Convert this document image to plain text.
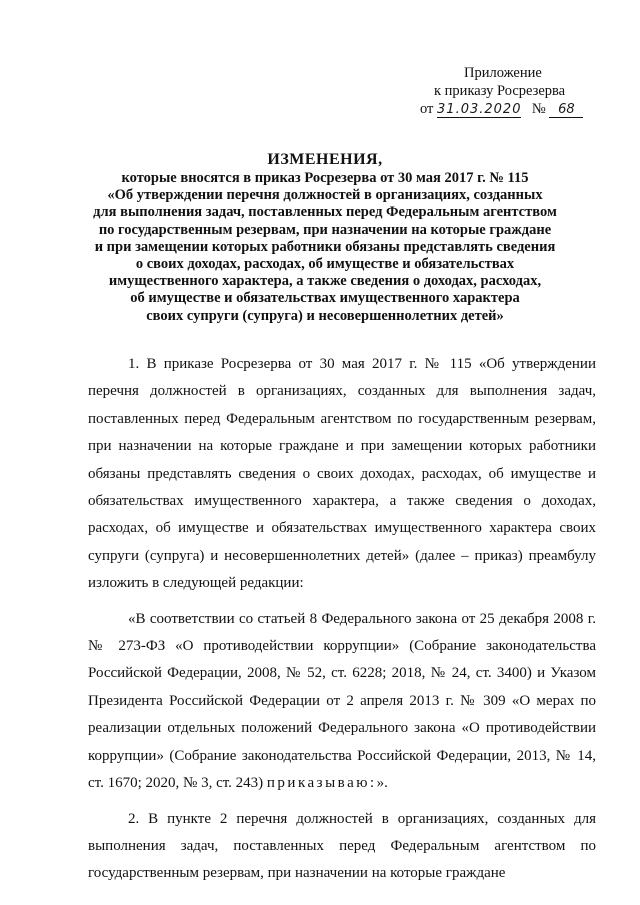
Приложение
к приказу Росрезерва
от 31.03.2020 № 68
ИЗМЕНЕНИЯ,
которые вносятся в приказ Росрезерва от 30 мая 2017 г. № 115
«Об утверждении перечня должностей в организациях, созданных
для выполнения задач, поставленных перед Федеральным агентством
по государственным резервам, при назначении на которые граждане
и при замещении которых работники обязаны представлять сведения
о своих доходах, расходах, об имуществе и обязательствах
имущественного характера, а также сведения о доходах, расходах,
об имуществе и обязательствах имущественного характера
своих супруги (супруга) и несовершеннолетних детей»

1. В приказе Росрезерва от 30 мая 2017 г. № 115 «Об утверждении перечня должностей в организациях, созданных для выполнения задач, поставленных перед Федеральным агентством по государственным резервам, при назначении на которые граждане и при замещении которых работники обязаны представлять сведения о своих доходах, расходах, об имуществе и обязательствах имущественного характера, а также сведения о доходах, расходах, об имуществе и обязательствах имущественного характера своих супруги (супруга) и несовершеннолетних детей» (далее – приказ) преамбулу изложить в следующей редакции:

«В соответствии со статьей 8 Федерального закона от 25 декабря 2008 г. № 273-ФЗ «О противодействии коррупции» (Собрание законодательства Российской Федерации, 2008, № 52, ст. 6228; 2018, № 24, ст. 3400) и Указом Президента Российской Федерации от 2 апреля 2013 г. № 309 «О мерах по реализации отдельных положений Федерального закона «О противодействии коррупции» (Собрание законодательства Российской Федерации, 2013, № 14, ст. 1670; 2020, № 3, ст. 243) приказываю:».

2. В пункте 2 перечня должностей в организациях, созданных для выполнения задач, поставленных перед Федеральным агентством по государственным резервам, при назначении на которые граждане
